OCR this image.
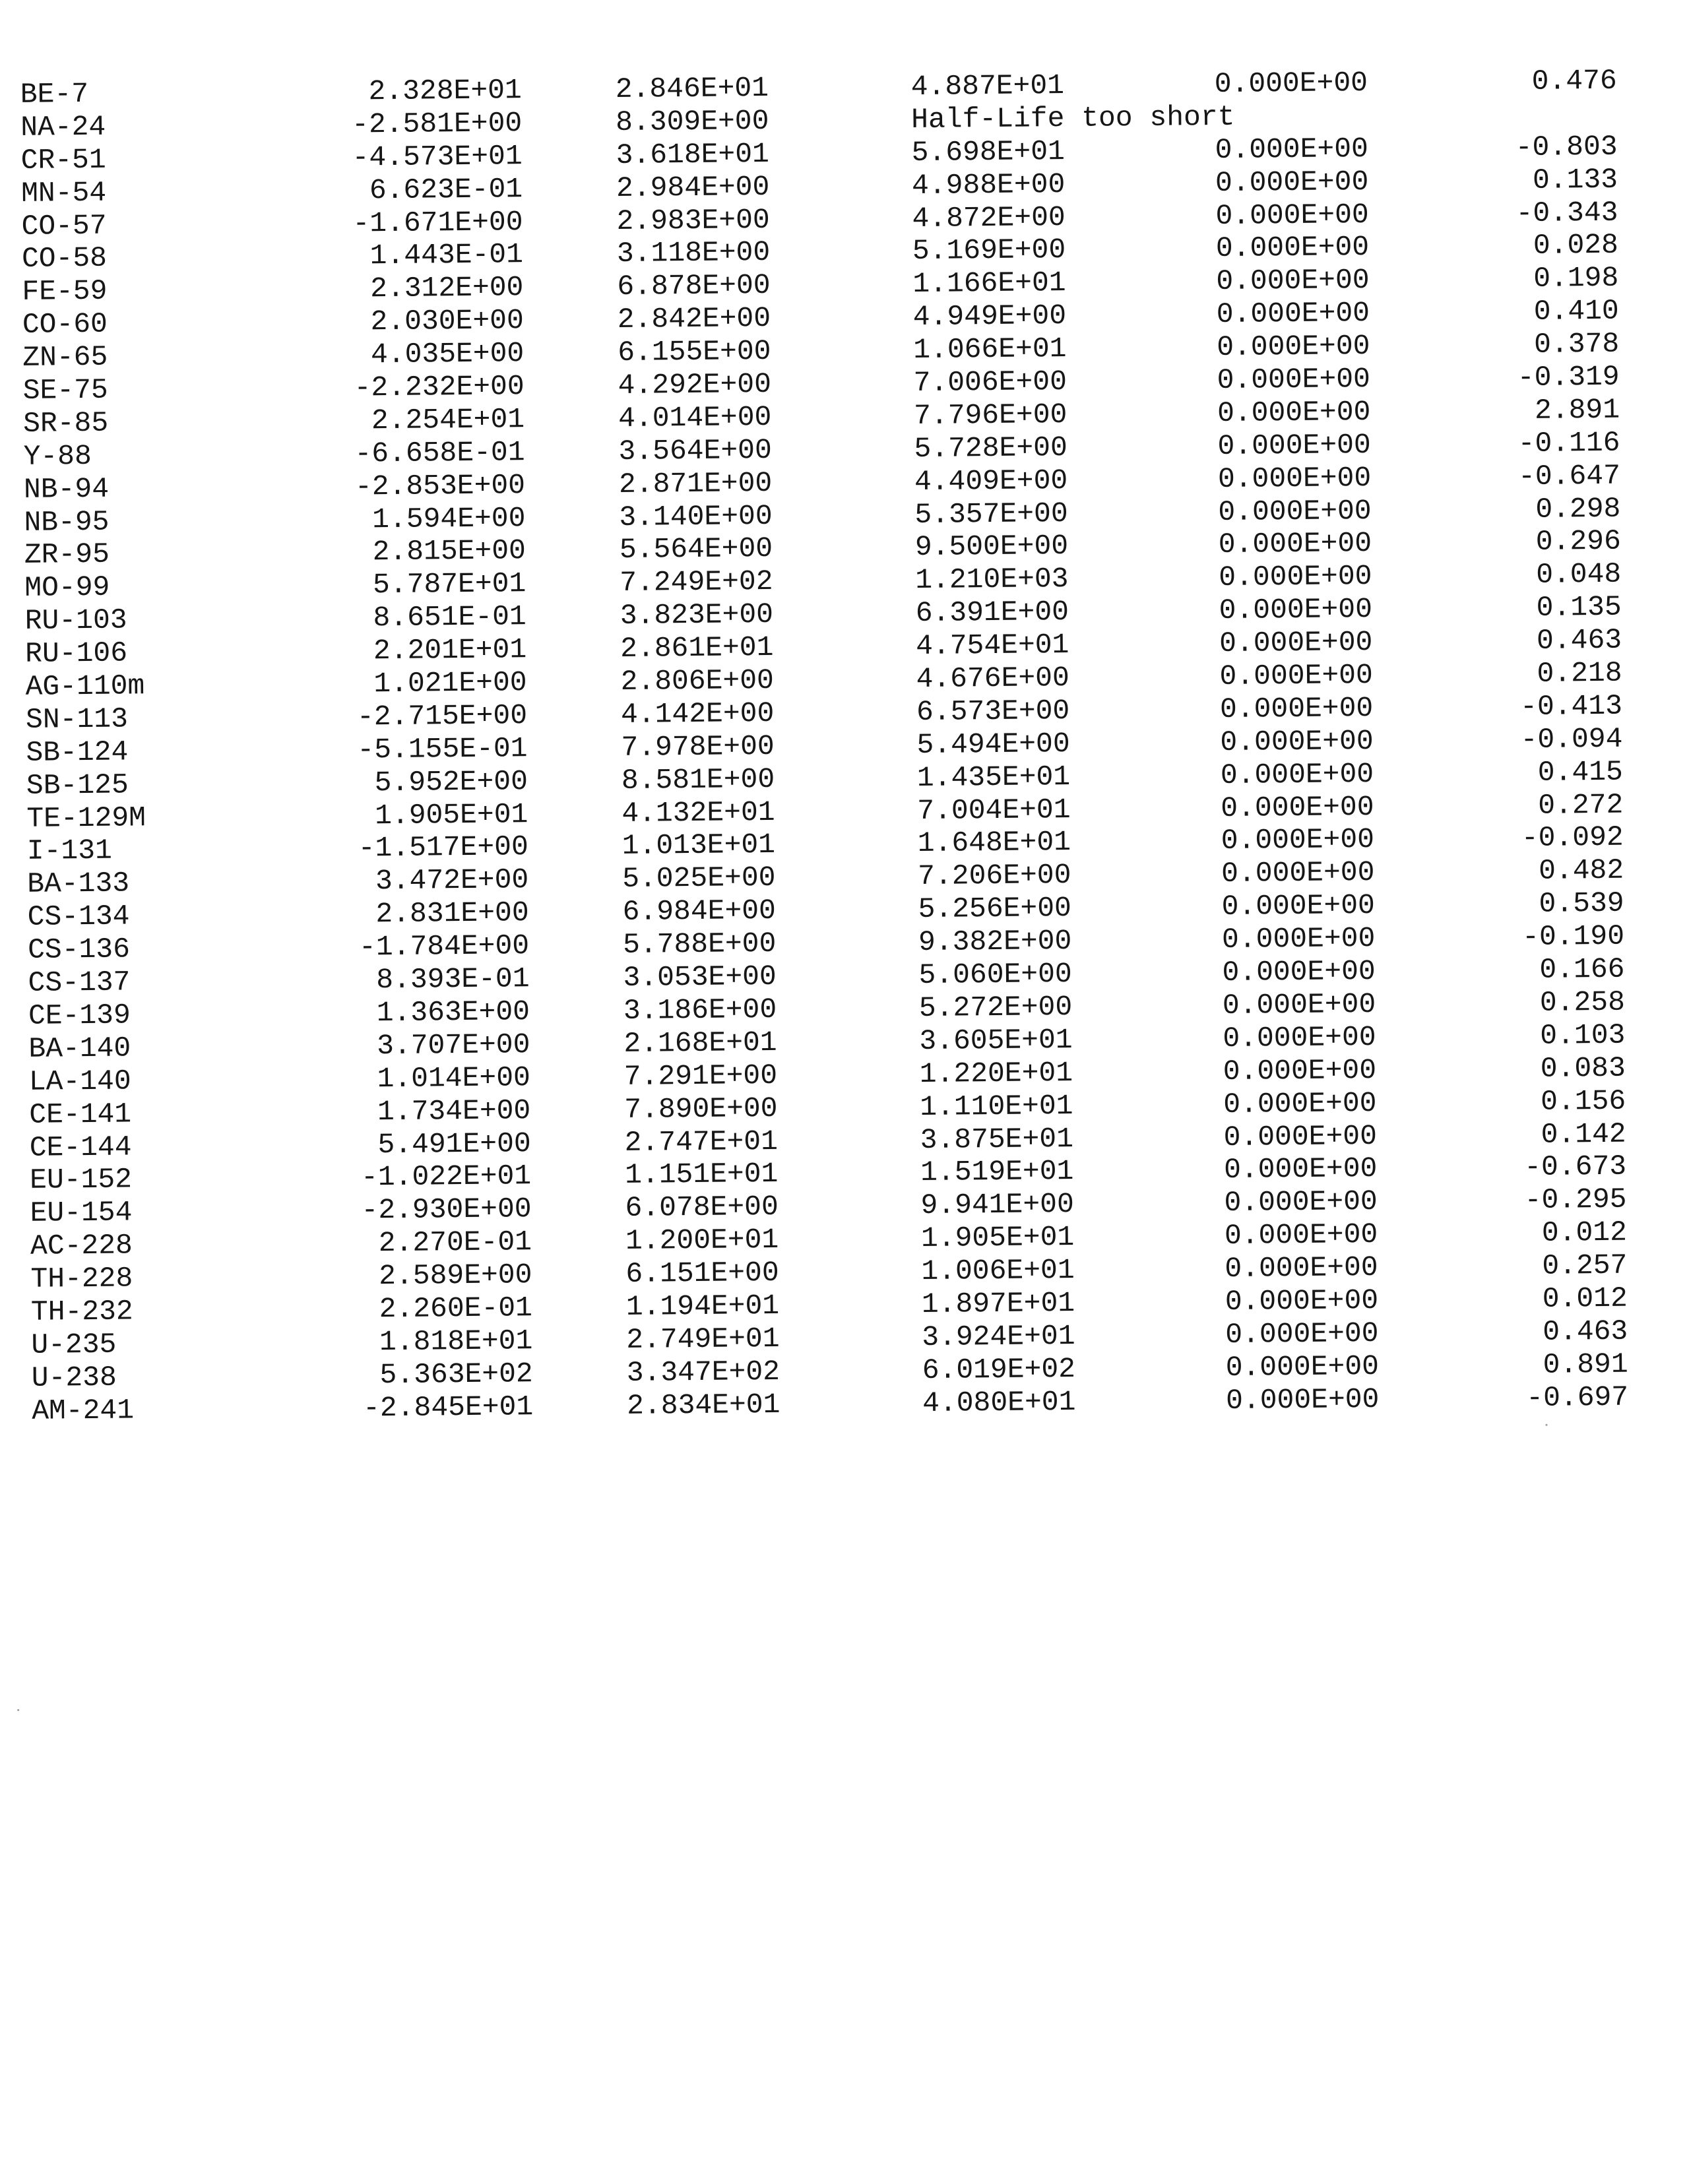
BE-7	2.328E+01	2.846E+01	4.887E+01	0.000E+00	0.476
NA-24	-2.581E+00	8.309E+00	Half-Life too short
CR-51	-4.573E+01	3.618E+01	5.698E+01	0.000E+00	-0.803
MN-54	6.623E-01	2.984E+00	4.988E+00	0.000E+00	0.133
CO-57	-1.671E+00	2.983E+00	4.872E+00	0.000E+00	-0.343
CO-58	1.443E-01	3.118E+00	5.169E+00	0.000E+00	0.028
FE-59	2.312E+00	6.878E+00	1.166E+01	0.000E+00	0.198
CO-60	2.030E+00	2.842E+00	4.949E+00	0.000E+00	0.410
ZN-65	4.035E+00	6.155E+00	1.066E+01	0.000E+00	0.378
SE-75	-2.232E+00	4.292E+00	7.006E+00	0.000E+00	-0.319
SR-85	2.254E+01	4.014E+00	7.796E+00	0.000E+00	2.891
Y-88	-6.658E-01	3.564E+00	5.728E+00	0.000E+00	-0.116
NB-94	-2.853E+00	2.871E+00	4.409E+00	0.000E+00	-0.647
NB-95	1.594E+00	3.140E+00	5.357E+00	0.000E+00	0.298
ZR-95	2.815E+00	5.564E+00	9.500E+00	0.000E+00	0.296
MO-99	5.787E+01	7.249E+02	1.210E+03	0.000E+00	0.048
RU-103	8.651E-01	3.823E+00	6.391E+00	0.000E+00	0.135
RU-106	2.201E+01	2.861E+01	4.754E+01	0.000E+00	0.463
AG-110m	1.021E+00	2.806E+00	4.676E+00	0.000E+00	0.218
SN-113	-2.715E+00	4.142E+00	6.573E+00	0.000E+00	-0.413
SB-124	-5.155E-01	7.978E+00	5.494E+00	0.000E+00	-0.094
SB-125	5.952E+00	8.581E+00	1.435E+01	0.000E+00	0.415
TE-129M	1.905E+01	4.132E+01	7.004E+01	0.000E+00	0.272
I-131	-1.517E+00	1.013E+01	1.648E+01	0.000E+00	-0.092
BA-133	3.472E+00	5.025E+00	7.206E+00	0.000E+00	0.482
CS-134	2.831E+00	6.984E+00	5.256E+00	0.000E+00	0.539
CS-136	-1.784E+00	5.788E+00	9.382E+00	0.000E+00	-0.190
CS-137	8.393E-01	3.053E+00	5.060E+00	0.000E+00	0.166
CE-139	1.363E+00	3.186E+00	5.272E+00	0.000E+00	0.258
BA-140	3.707E+00	2.168E+01	3.605E+01	0.000E+00	0.103
LA-140	1.014E+00	7.291E+00	1.220E+01	0.000E+00	0.083
CE-141	1.734E+00	7.890E+00	1.110E+01	0.000E+00	0.156
CE-144	5.491E+00	2.747E+01	3.875E+01	0.000E+00	0.142
EU-152	-1.022E+01	1.151E+01	1.519E+01	0.000E+00	-0.673
EU-154	-2.930E+00	6.078E+00	9.941E+00	0.000E+00	-0.295
AC-228	2.270E-01	1.200E+01	1.905E+01	0.000E+00	0.012
TH-228	2.589E+00	6.151E+00	1.006E+01	0.000E+00	0.257
TH-232	2.260E-01	1.194E+01	1.897E+01	0.000E+00	0.012
U-235	1.818E+01	2.749E+01	3.924E+01	0.000E+00	0.463
U-238	5.363E+02	3.347E+02	6.019E+02	0.000E+00	0.891
AM-241	-2.845E+01	2.834E+01	4.080E+01	0.000E+00	-0.697
